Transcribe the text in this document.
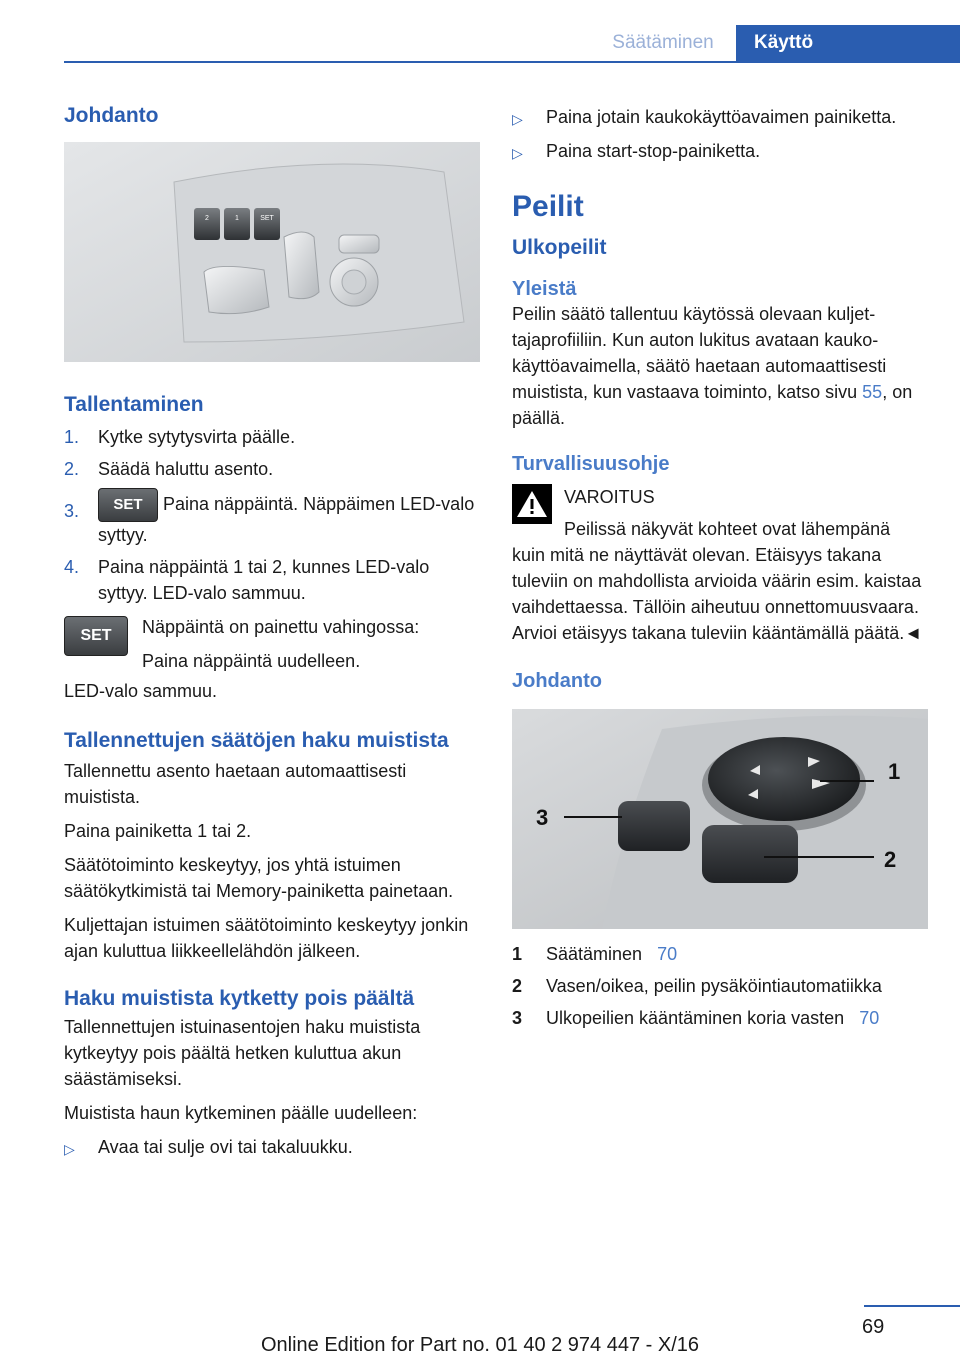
Säätäminen	Käyttö
Johdanto
2	1	SET
Tallentaminen
1.	Kytke sytytysvirta päälle.
2.	Säädä haluttu asento.
3.	SET Paina näppäintä. Näppäimen LED-valo syttyy.
4.	Paina näppäintä 1 tai 2, kunnes LED-valo syttyy. LED-valo sammuu.
SET	Näppäintä on painettu vahingossa:

Paina näppäintä uudelleen.

LED-valo sammuu.

Tallennettujen säätöjen haku muistista

Tallennettu asento haetaan automaattisesti muistista.

Paina painiketta 1 tai 2.

Säätötoiminto keskeytyy, jos yhtä istuimen säätökytkimistä tai Memory-painiketta painetaan.

Kuljettajan istuimen säätötoiminto keskeytyy jonkin ajan kuluttua liikkeellelähdön jälkeen.

Haku muistista kytketty pois päältä

Tallennettujen istuinasentojen haku muistista kytkeytyy pois päältä hetken kuluttua akun säästämiseksi.

Muistista haun kytkeminen päälle uudelleen:

▷	Avaa tai sulje ovi tai takaluukku.
▷	Paina jotain kaukokäyttöavaimen painiketta.
▷	Paina start-stop-painiketta.
Peilit
Ulkopeilit
Yleistä

Peilin säätö tallentuu käytössä olevaan kuljettajaprofiiliin. Kun auton lukitus avataan kaukokäyttöavaimella, säätö haetaan automaattisesti muistista, kun vastaava toiminto, katso sivu 55, on päällä.

Turvallisuusohje

VAROITUS

Peilissä näkyvät kohteet ovat lähempänä

kuin mitä ne näyttävät olevan. Etäisyys takana tuleviin on mahdollista arvioida väärin esim. kaistaa vaihdettaessa. Tällöin aiheutuu onnettomuusvaara. Arvioi etäisyys takana tuleviin kääntämällä päätä.◄

Johdanto
1
2
3
1	Säätäminen 70
2	Vasen/oikea, peilin pysäköintiautomatiikka
3	Ulkopeilien kääntäminen koria vasten 70
69
Online Edition for Part no. 01 40 2 974 447 - X/16
